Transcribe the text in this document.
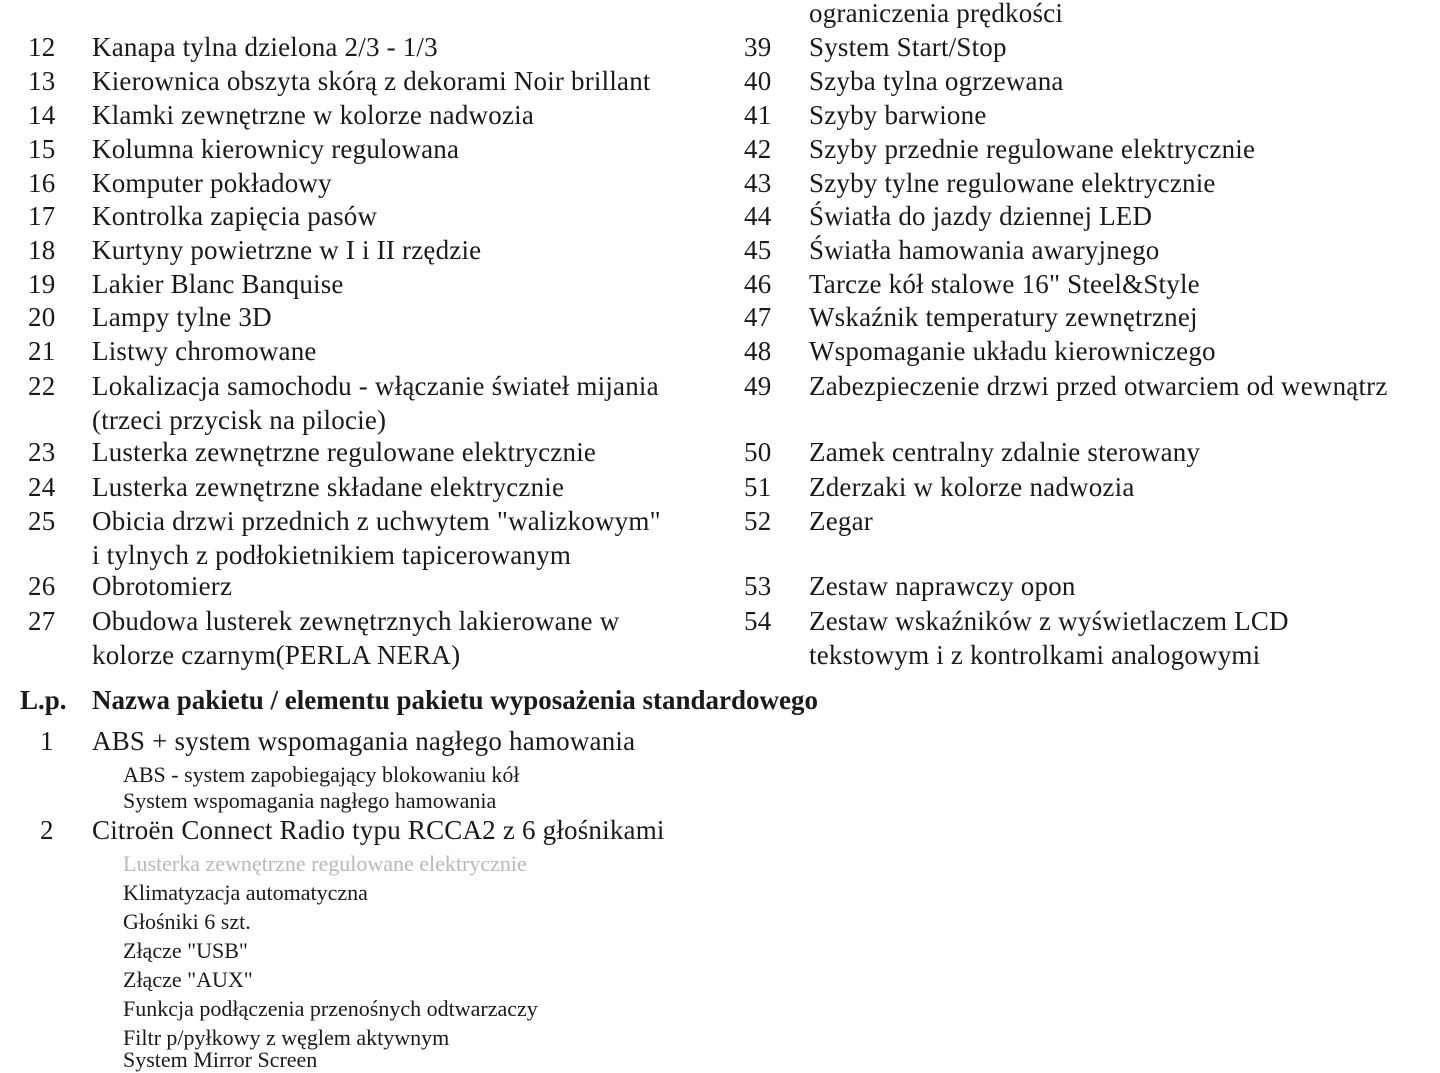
ograniczenia prędkości
12 Kanapa tylna dzielona 2/3 - 1/3
13 Kierownica obszyta skórą z dekorami Noir brillant
14 Klamki zewnętrzne w kolorze nadwozia
15 Kolumna kierownicy regulowana
16 Komputer pokładowy
17 Kontrolka zapięcia pasów
18 Kurtyny powietrzne w I i II rzędzie
19 Lakier Blanc Banquise
20 Lampy tylne 3D
21 Listwy chromowane
22 Lokalizacja samochodu - włączanie świateł mijania
(trzeci przycisk na pilocie)
23 Lusterka zewnętrzne regulowane elektrycznie
24 Lusterka zewnętrzne składane elektrycznie
25 Obicia drzwi przednich z uchwytem "walizkowym"
i tylnych z podłokietnikiem tapicerowanym
26 Obrotomierz
27 Obudowa lusterek zewnętrznych lakierowane w
kolorze czarnym(PERLA NERA)
39 System Start/Stop
40 Szyba tylna ogrzewana
41 Szyby barwione
42 Szyby przednie regulowane elektrycznie
43 Szyby tylne regulowane elektrycznie
44 Światła do jazdy dziennej LED
45 Światła hamowania awaryjnego
46 Tarcze kół stalowe 16" Steel&Style
47 Wskaźnik temperatury zewnętrznej
48 Wspomaganie układu kierowniczego
49 Zabezpieczenie drzwi przed otwarciem od wewnątrz
50 Zamek centralny zdalnie sterowany
51 Zderzaki w kolorze nadwozia
52 Zegar
53 Zestaw naprawczy opon
54 Zestaw wskaźników z wyświetlaczem LCD
tekstowym i z kontrolkami analogowymi
L.p. Nazwa pakietu / elementu pakietu wyposażenia standardowego
1 ABS + system wspomagania nagłego hamowania
ABS - system zapobiegający blokowaniu kół
System wspomagania nagłego hamowania
2 Citroën Connect Radio typu RCCA2 z 6 głośnikami
Lusterka zewnętrzne regulowane elektrycznie
Klimatyzacja automatyczna
Głośniki 6 szt.
Złącze "USB"
Złącze "AUX"
Funkcja podłączenia przenośnych odtwarzaczy
Filtr p/pyłkowy z węglem aktywnym
System Mirror Screen
